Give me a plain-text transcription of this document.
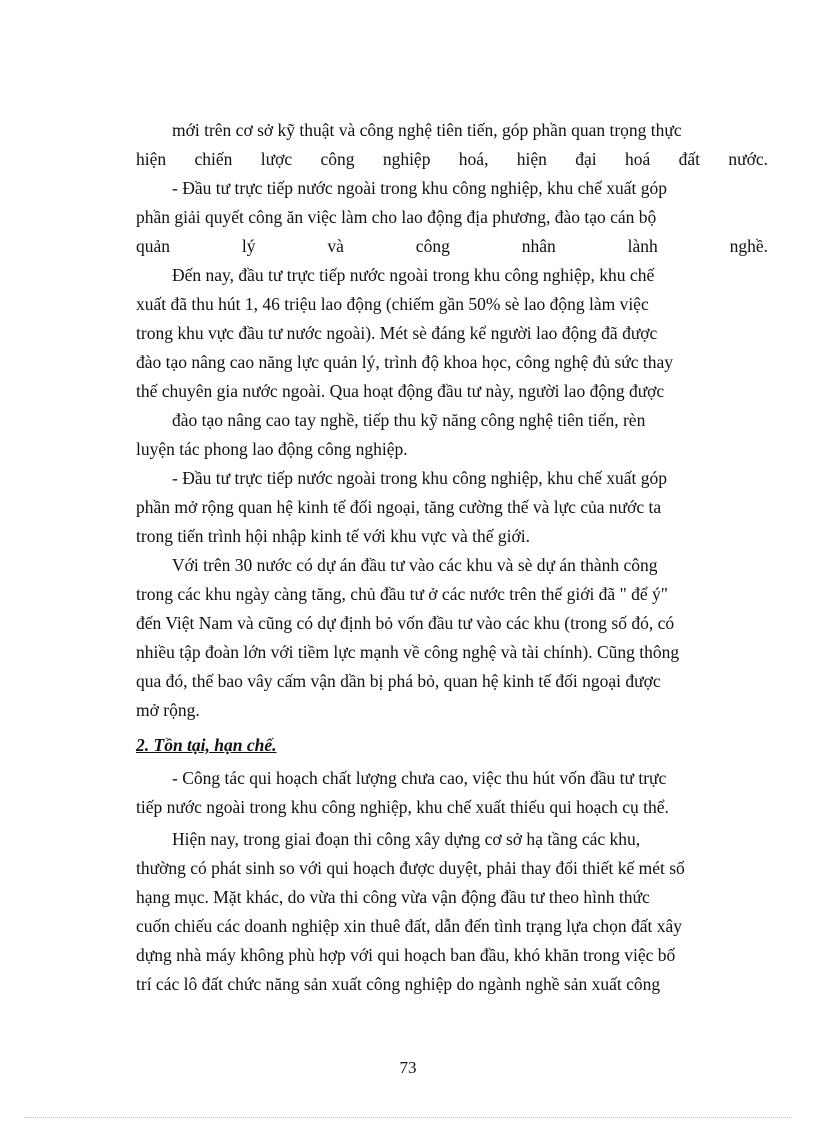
mới trên cơ sở kỹ thuật và công nghệ tiên tiến, góp phần quan trọng thực
hiện chiến lược công nghiệp hoá, hiện đại hoá đất nước.
- Đầu tư trực tiếp nước ngoài trong khu công nghiệp, khu chế xuất góp
phần giải quyết công ăn việc làm cho lao động địa phương, đào tạo cán bộ
quản lý và công nhân lành nghề.
Đến nay, đầu tư trực tiếp nước ngoài trong khu công nghiệp, khu chế
xuất đã thu hút 1, 46 triệu lao động (chiếm gần 50% sè lao động làm việc
trong khu vực đầu tư nước ngoài). Mét sè đáng kể người lao động đã được
đào tạo nâng cao năng lực quản lý, trình độ khoa học, công nghệ đủ sức thay
thế chuyên gia nước ngoài. Qua hoạt động đầu tư này, người lao động được
đào tạo nâng cao tay nghề, tiếp thu kỹ năng công nghệ tiên tiến, rèn
luyện tác phong lao động công nghiệp.
- Đầu tư trực tiếp nước ngoài trong khu công nghiệp, khu chế xuất góp
phần mở rộng quan hệ kinh tế đối ngoại, tăng cường thế và lực của nước ta
trong tiến trình hội nhập kinh tế với khu vực và thế giới.
Với trên 30 nước có dự án đầu tư vào các khu và sè dự án thành công
trong các khu ngày càng tăng, chủ đầu tư ở các nước trên thế giới đã " để ý"
đến Việt Nam và cũng có dự định bỏ vốn đầu tư vào các khu (trong số đó, có
nhiều tập đoàn lớn với tiềm lực mạnh về công nghệ và tài chính). Cũng thông
qua đó, thế bao vây cấm vận dần bị phá bỏ, quan hệ kinh tế đối ngoại được
mở rộng.
2. Tồn tại, hạn chế.
- Công tác qui hoạch chất lượng chưa cao, việc thu hút vốn đầu tư trực
tiếp nước ngoài trong khu công nghiệp, khu chế xuất thiếu qui hoạch cụ thể.
Hiện nay, trong giai đoạn thi công xây dựng cơ sở hạ tầng các khu,
thường có phát sinh so với qui hoạch được duyệt, phải thay đổi thiết kế mét số
hạng mục. Mặt khác, do vừa thi công vừa vận động đầu tư theo hình thức
cuốn chiếu các doanh nghiệp xin thuê đất, dẫn đến tình trạng lựa chọn đất xây
dựng nhà máy không phù hợp với qui hoạch ban đầu, khó khăn trong việc bố
trí các lô đất chức năng sản xuất công nghiệp do ngành nghề sản xuất công
73
